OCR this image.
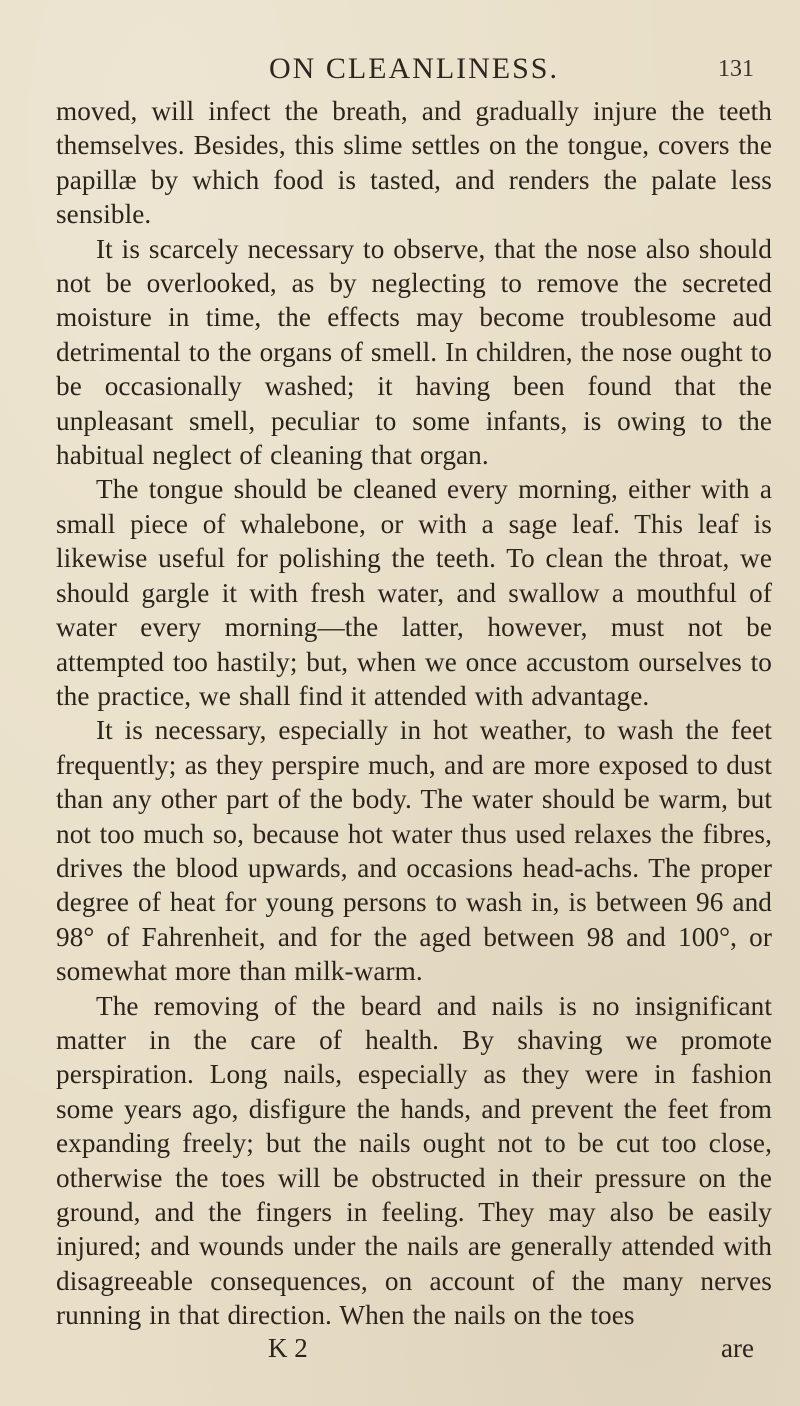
ON CLEANLINESS.	131

moved, will infect the breath, and gradually injure the teeth themselves. Besides, this slime settles on the tongue, covers the papillæ by which food is tasted, and renders the palate less sensible.

It is scarcely necessary to observe, that the nose also should not be overlooked, as by neglecting to remove the secreted moisture in time, the effects may become troublesome aud detrimental to the organs of smell. In children, the nose ought to be occasionally washed; it having been found that the unpleasant smell, peculiar to some infants, is owing to the habitual neglect of cleaning that organ.

The tongue should be cleaned every morning, either with a small piece of whalebone, or with a sage leaf. This leaf is likewise useful for polishing the teeth. To clean the throat, we should gargle it with fresh water, and swallow a mouthful of water every morning—the latter, however, must not be attempted too hastily; but, when we once accustom ourselves to the practice, we shall find it attended with advantage.

It is necessary, especially in hot weather, to wash the feet frequently; as they perspire much, and are more exposed to dust than any other part of the body. The water should be warm, but not too much so, because hot water thus used relaxes the fibres, drives the blood upwards, and occasions head-achs. The proper degree of heat for young persons to wash in, is between 96 and 98° of Fahrenheit, and for the aged between 98 and 100°, or somewhat more than milk-warm.

The removing of the beard and nails is no insignificant matter in the care of health. By shaving we promote perspiration. Long nails, especially as they were in fashion some years ago, disfigure the hands, and prevent the feet from expanding freely; but the nails ought not to be cut too close, otherwise the toes will be obstructed in their pressure on the ground, and the fingers in feeling. They may also be easily injured; and wounds under the nails are generally attended with disagreeable consequences, on account of the many nerves running in that direction. When the nails on the toes

K 2	are
